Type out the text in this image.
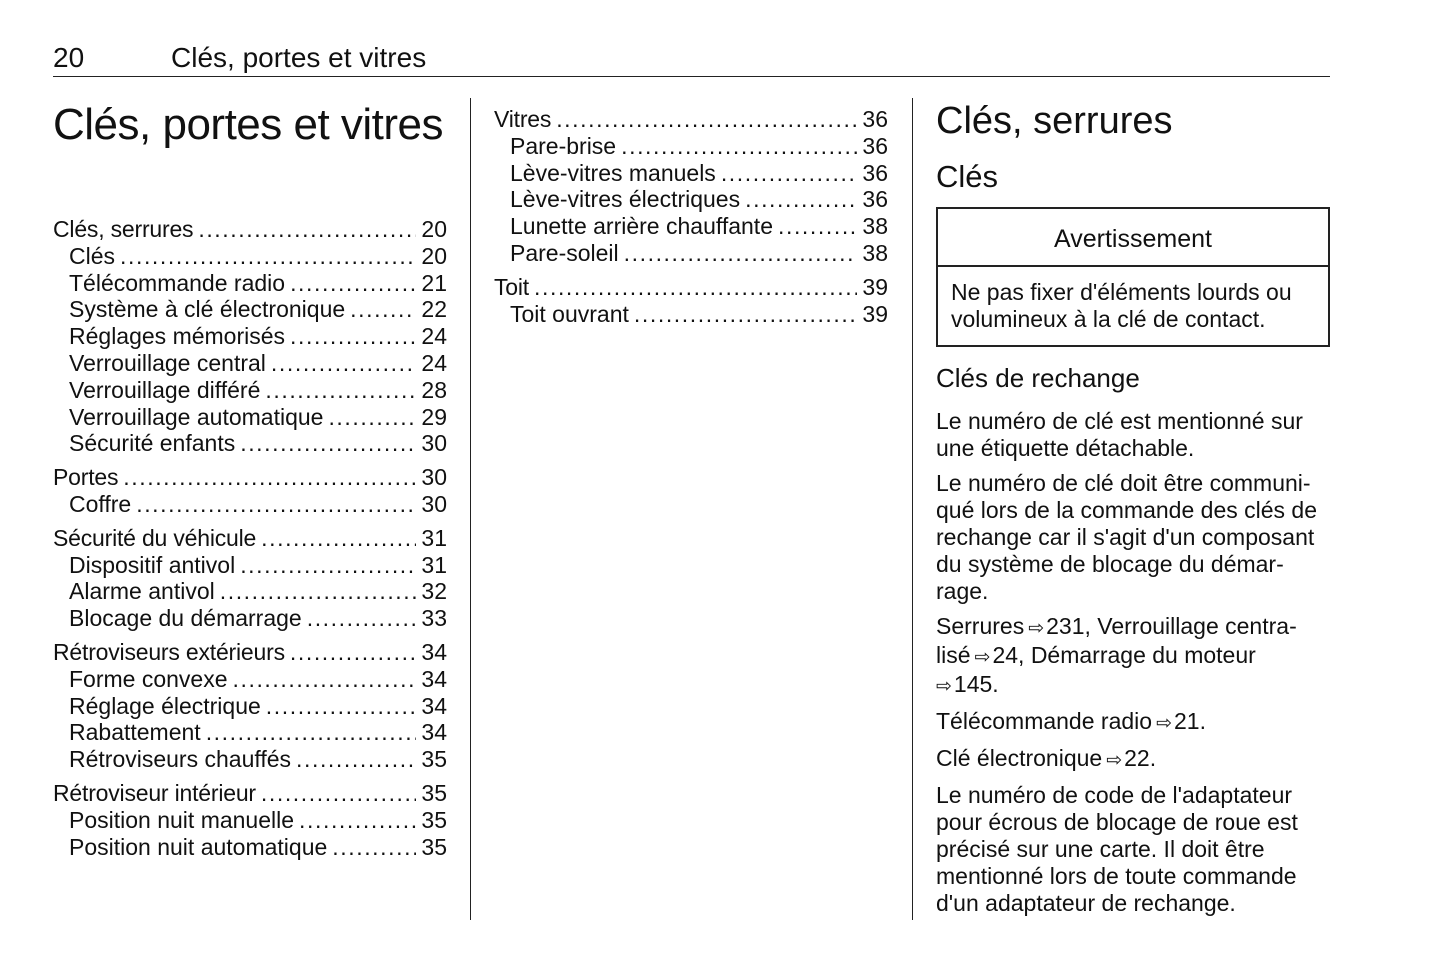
20	Clés, portes et vitres
Clés, portes et vitres
Clés, serrures . . .	20
Clés . . .	20
Télécommande radio . . .	21
Système à clé électronique . . .	22
Réglages mémorisés . . .	24
Verrouillage central . . .	24
Verrouillage différé . . .	28
Verrouillage automatique . . .	29
Sécurité enfants . . .	30
Portes . . .	30
Coffre . . .	30
Sécurité du véhicule . . .	31
Dispositif antivol . . .	31
Alarme antivol . . .	32
Blocage du démarrage . . .	33
Rétroviseurs extérieurs . . .	34
Forme convexe . . .	34
Réglage électrique . . .	34
Rabattement . . .	34
Rétroviseurs chauffés . . .	35
Rétroviseur intérieur . . .	35
Position nuit manuelle . . .	35
Position nuit automatique . . .	35
Vitres . . .	36
Pare-brise . . .	36
Lève-vitres manuels . . .	36
Lève-vitres électriques . . .	36
Lunette arrière chauffante . . .	38
Pare-soleil . . .	38
Toit . . .	39
Toit ouvrant . . .	39
Clés, serrures
Clés
Avertissement
Ne pas fixer d'éléments lourds ou volumineux à la clé de contact.
Clés de rechange
Le numéro de clé est mentionné sur une étiquette détachable.
Le numéro de clé doit être communi-
qué lors de la commande des clés de
rechange car il s'agit d'un composant
du système de blocage du démar-
rage.
Serrures ⇨231, Verrouillage centra-
lisé ⇨24, Démarrage du moteur
⇨145.
Télécommande radio ⇨21.
Clé électronique ⇨22.
Le numéro de code de l'adaptateur pour écrous de blocage de roue est précisé sur une carte. Il doit être mentionné lors de toute commande d'un adaptateur de rechange.
